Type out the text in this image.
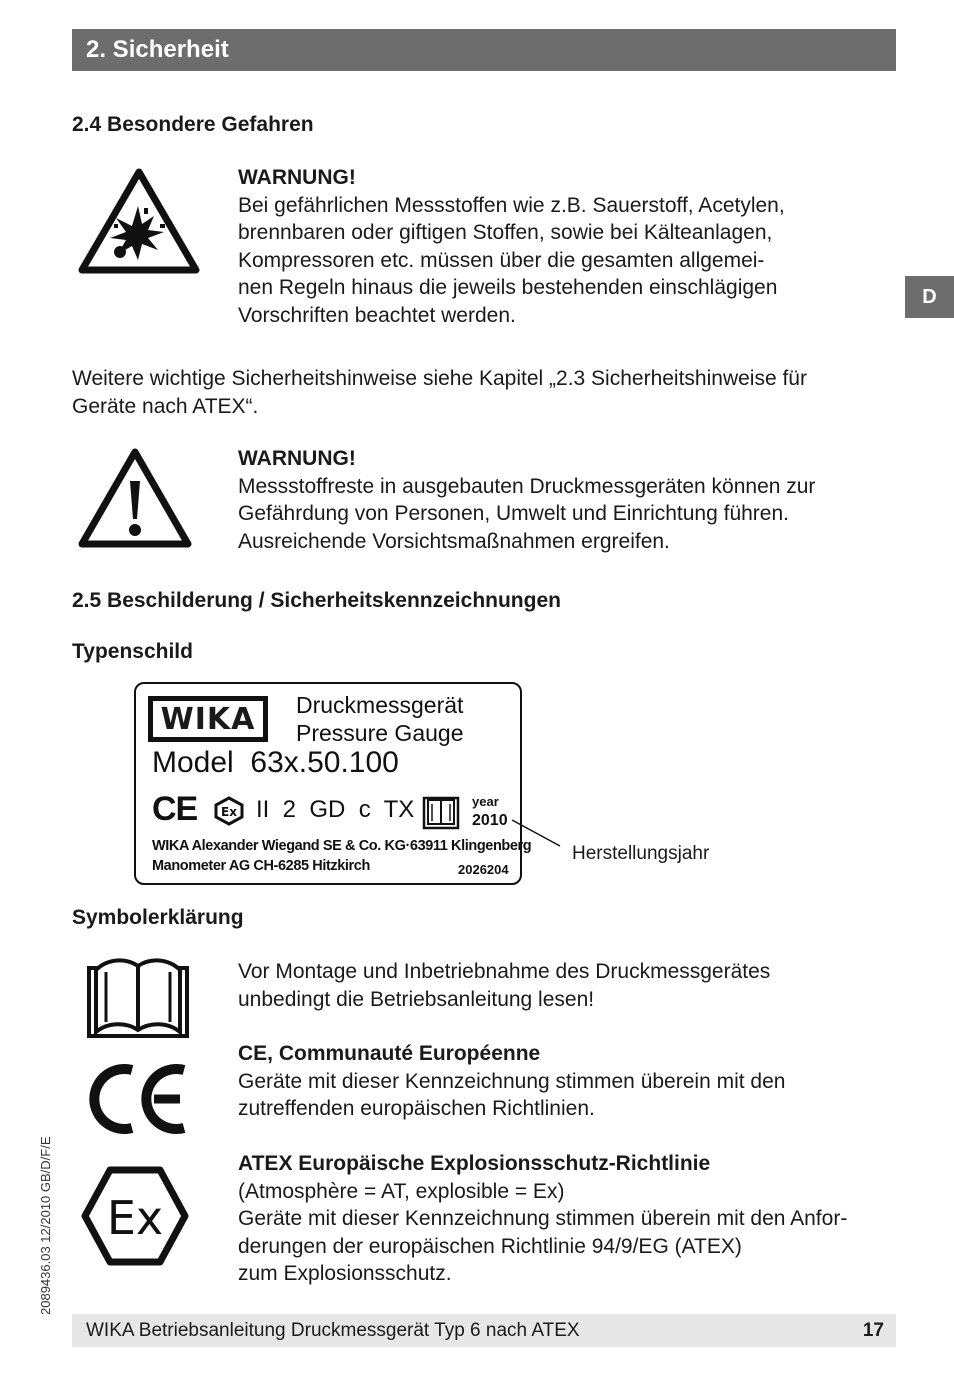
2. Sicherheit
D
2.4 Besondere Gefahren

WARNUNG!

Bei gefährlichen Messstoffen wie z.B. Sauerstoff, Acetylen,

brennbaren oder giftigen Stoffen, sowie bei Kälteanlagen,

Kompressoren etc. müssen über die gesamten allgemei-

nen Regeln hinaus die jeweils bestehenden einschlägigen

Vorschriften beachtet werden.

Weitere wichtige Sicherheitshinweise siehe Kapitel „2.3 Sicherheitshinweise für

Geräte nach ATEX“.

WARNUNG!

Messstoffreste in ausgebauten Druckmessgeräten können zur

Gefährdung von Personen, Umwelt und Einrichtung führen.

Ausreichende Vorsichtsmaßnahmen ergreifen.

2.5 Beschilderung / Sicherheitskennzeichnungen
Typenschild
WIKA	Druckmessgerät
Pressure Gauge
Model  63x.50.100
CE Ex II  2  GD  c  TX	year
2010
WIKA Alexander Wiegand SE & Co. KG·63911 Klingenberg
Manometer AG CH-6285 Hitzkirch	2026204
Herstellungsjahr
Symbolerklärung

Vor Montage und Inbetriebnahme des Druckmessgerätes

unbedingt die Betriebsanleitung lesen!

CE, Communauté Européenne

Geräte mit dieser Kennzeichnung stimmen überein mit den

zutreffenden europäischen Richtlinien.

Ex

ATEX Europäische Explosionsschutz-Richtlinie

(Atmosphère = AT, explosible = Ex)

Geräte mit dieser Kennzeichnung stimmen überein mit den Anfor-

derungen der europäischen Richtlinie 94/9/EG (ATEX)

zum Explosionsschutz.

2089436.03 12/2010 GB/D/F/E
WIKA Betriebsanleitung Druckmessgerät Typ 6 nach ATEX	17
